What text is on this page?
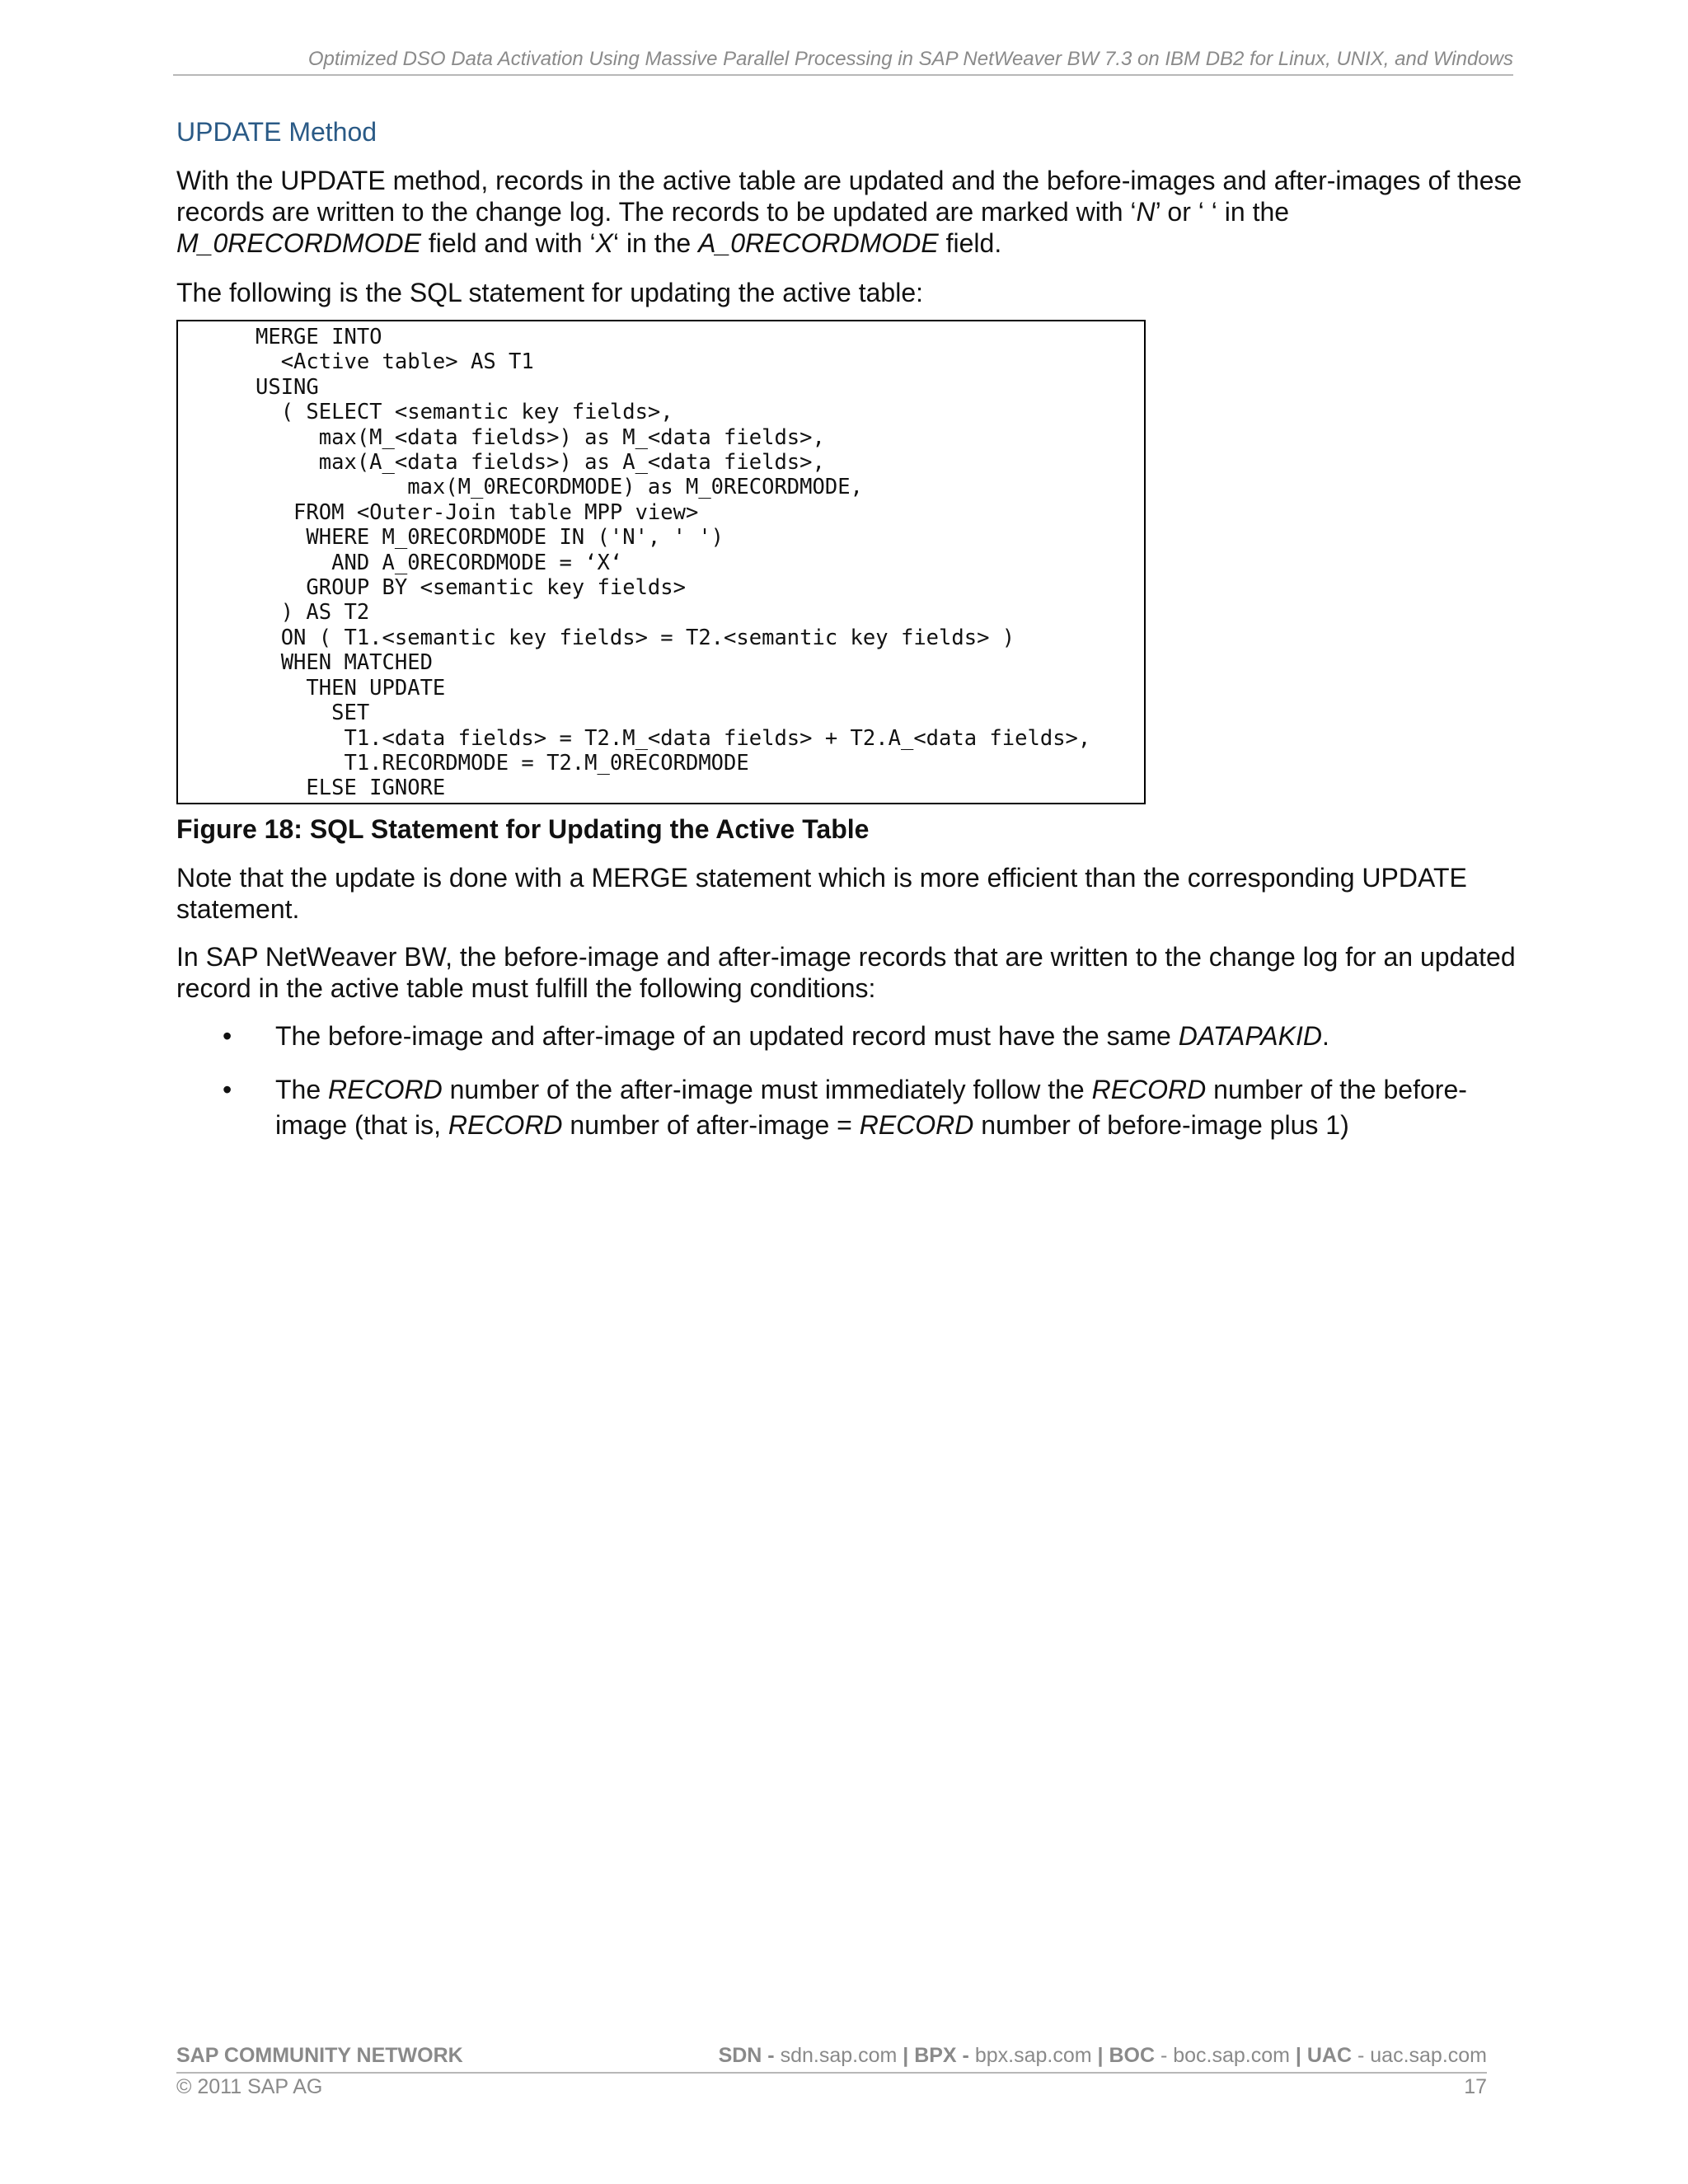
Optimized DSO Data Activation Using Massive Parallel Processing in SAP NetWeaver BW 7.3 on IBM DB2 for Linux, UNIX, and Windows
UPDATE Method

With the UPDATE method, records in the active table are updated and the before-images and after-images of these records are written to the change log. The records to be updated are marked with ‘N’ or ‘ ‘ in the M_0RECORDMODE field and with ‘X‘ in the A_0RECORDMODE field.

The following is the SQL statement for updating the active table:

MERGE INTO
<Active table> AS T1
USING
( SELECT <semantic key fields>,
max(M_<data fields>) as M_<data fields>,
max(A_<data fields>) as A_<data fields>,
max(M_0RECORDMODE) as M_0RECORDMODE,
FROM <Outer-Join table MPP view>
WHERE M_0RECORDMODE IN ('N', ' ')
AND A_0RECORDMODE = ‘X‘
GROUP BY <semantic key fields>
) AS T2
ON ( T1.<semantic key fields> = T2.<semantic key fields> )
WHEN MATCHED
THEN UPDATE
SET
T1.<data fields> = T2.M_<data fields> + T2.A_<data fields>,
T1.RECORDMODE = T2.M_0RECORDMODE
ELSE IGNORE

Figure 18: SQL Statement for Updating the Active Table

Note that the update is done with a MERGE statement which is more efficient than the corresponding UPDATE statement.

In SAP NetWeaver BW, the before-image and after-image records that are written to the change log for an updated record in the active table must fulfill the following conditions:

• The before-image and after-image of an updated record must have the same DATAPAKID.
• The RECORD number of the after-image must immediately follow the RECORD number of the before-image (that is, RECORD number of after-image = RECORD number of before-image plus 1)
SAP COMMUNITY NETWORK	SDN - sdn.sap.com | BPX - bpx.sap.com | BOC - boc.sap.com | UAC - uac.sap.com
© 2011 SAP AG	17
